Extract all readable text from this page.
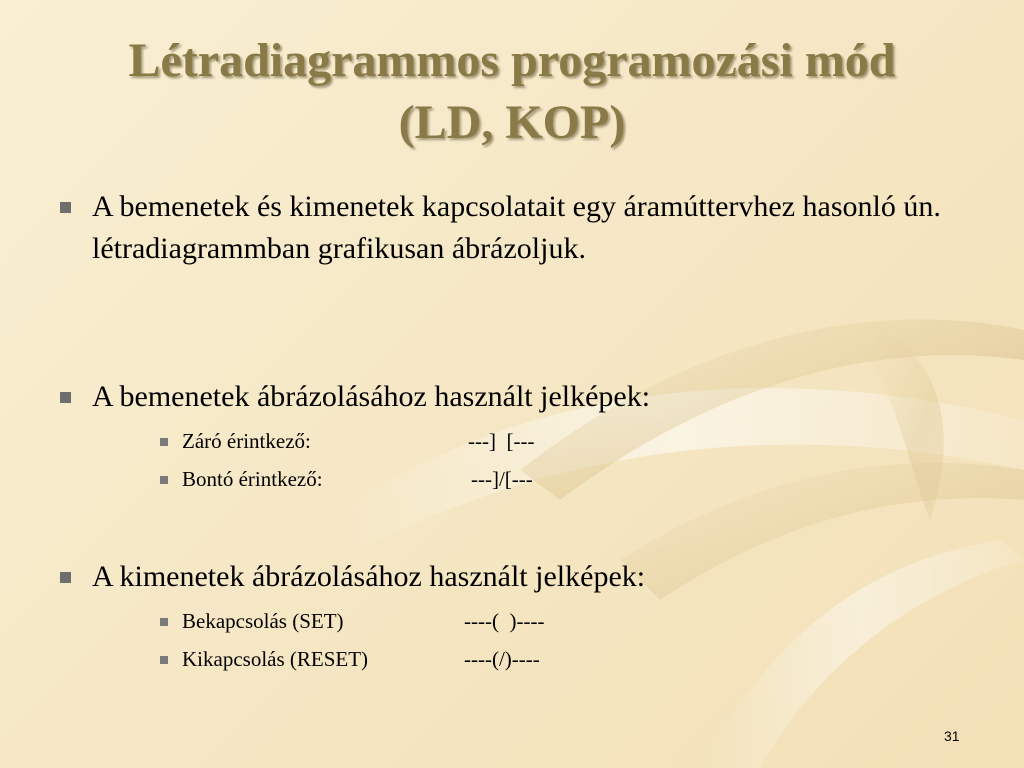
Létradiagrammos programozási mód
(LD, KOP)
A bemenetek és kimenetek kapcsolatait egy áramúttervhez hasonló ún. létradiagrammban grafikusan ábrázoljuk.
A bemenetek ábrázolásához használt jelképek:

Záró érintkező:

	---]  [---

Bontó érintkező:

	---]/[---

A kimenetek ábrázolásához használt jelképek:

Bekapcsolás (SET)

	----(  )----

Kikapcsolás (RESET)

	----(/)----

31
